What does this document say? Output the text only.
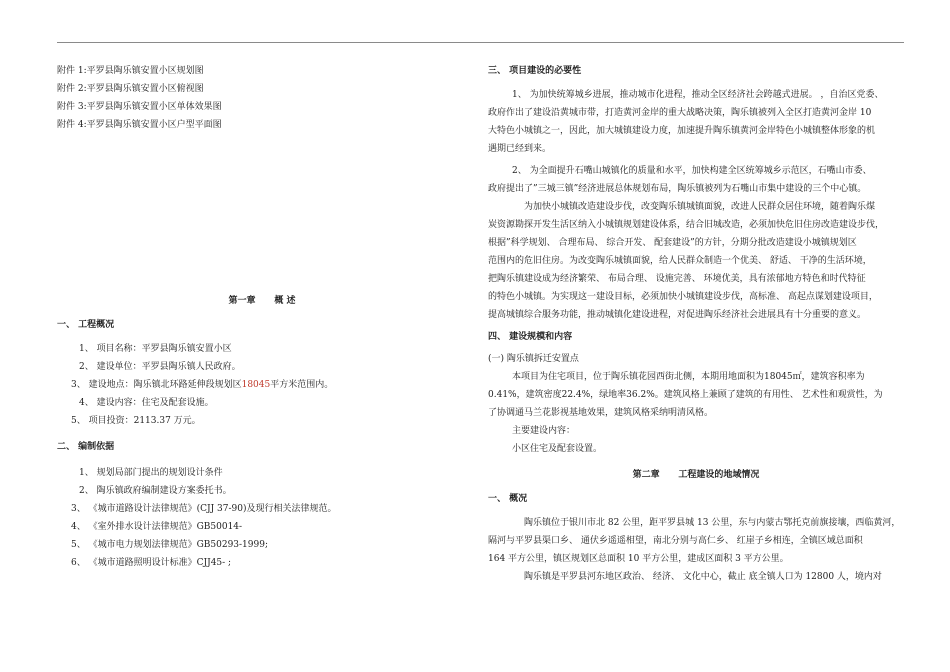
附件 1:平罗县陶乐镇安置小区规划图

附件 2:平罗县陶乐镇安置小区俯视图

附件 3:平罗县陶乐镇安置小区单体效果图

附件 4:平罗县陶乐镇安置小区户型平面图

第一章      概 述

一、 工程概况

1、 项目名称：平罗县陶乐镇安置小区

2、 建设单位：平罗县陶乐镇人民政府。

3、 建设地点：陶乐镇北环路延伸段规划区18045平方米范围内。

4、 建设内容：住宅及配套设施。

5、 项目投资：2113.37 万元。

二、 编制依据

1、 规划局部门提出的规划设计条件

2、 陶乐镇政府编制建设方案委托书。

3、 《城市道路设计法律规范》(CJJ 37-90)及现行相关法律规范。

4、 《室外排水设计法律规范》GB50014-

5、 《城市电力规划法律规范》GB50293-1999;

6、 《城市道路照明设计标准》CJJ45- ;

三、 项目建设的必要性

1、 为加快统筹城乡进展，推动城市化进程，推动全区经济社会跨越式进展。 ，自治区党委、

政府作出了建设沿黄城市带，打造黄河金岸的重大战略决策，陶乐镇被列入全区打造黄河金岸 10

大特色小城镇之一，因此，加大城镇建设力度，加速提升陶乐镇黄河金岸特色小城镇整体形象的机

遇期已经到来。

2、 为全面提升石嘴山城镇化的质量和水平，加快构建全区统筹城乡示范区，石嘴山市委、

政府提出了”三城三镇”经济进展总体规划布局，陶乐镇被列为石嘴山市集中建设的三个中心镇。

为加快小城镇改造建设步伐，改变陶乐镇城镇面貌，改进人民群众居住环境，随着陶乐煤

炭资源勘探开发生活区纳入小城镇规划建设体系，结合旧城改造，必须加快危旧住房改造建设步伐，

根据”科学规划、 合理布局、 综合开发、 配套建设”的方针，分期分批改造建设小城镇规划区

范围内的危旧住房。为改变陶乐城镇面貌，给人民群众制造一个优美、 舒适、 干净的生活环境，

把陶乐镇建设成为经济繁荣、 布局合理、 设施完善、 环境优美，具有浓郁地方特色和时代特征

的特色小城镇。为实现这一建设目标，必须加快小城镇建设步伐，高标准、 高起点谋划建设项目，

提高城镇综合服务功能，推动城镇化建设进程，对促进陶乐经济社会进展具有十分重要的意义。

四、 建设规模和内容

(一) 陶乐镇拆迁安置点

本项目为住宅项目，位于陶乐镇花园西街北侧，本期用地面积为18045㎡，建筑容积率为

0.41%，建筑密度22.4%，绿地率36.2%。建筑风格上兼顾了建筑的有用性、 艺术性和观赏性，为

了协调通马兰花影视基地效果，建筑风格采纳明清风格。

主要建设内容：

小区住宅及配套设置。

第二章      工程建设的地域情况

一、 概况

陶乐镇位于银川市北 82 公里，距平罗县城 13 公里，东与内蒙古鄂托克前旗接壤，西临黄河，

隔河与平罗县渠口乡、 通伏乡遥遥相望，南北分别与高仁乡、 红崖子乡相连，全镇区域总面积

164 平方公里，镇区规划区总面积 10 平方公里，建成区面积 3 平方公里。

陶乐镇是平罗县河东地区政治、 经济、 文化中心，截止 底全镇人口为 12800 人，境内对
